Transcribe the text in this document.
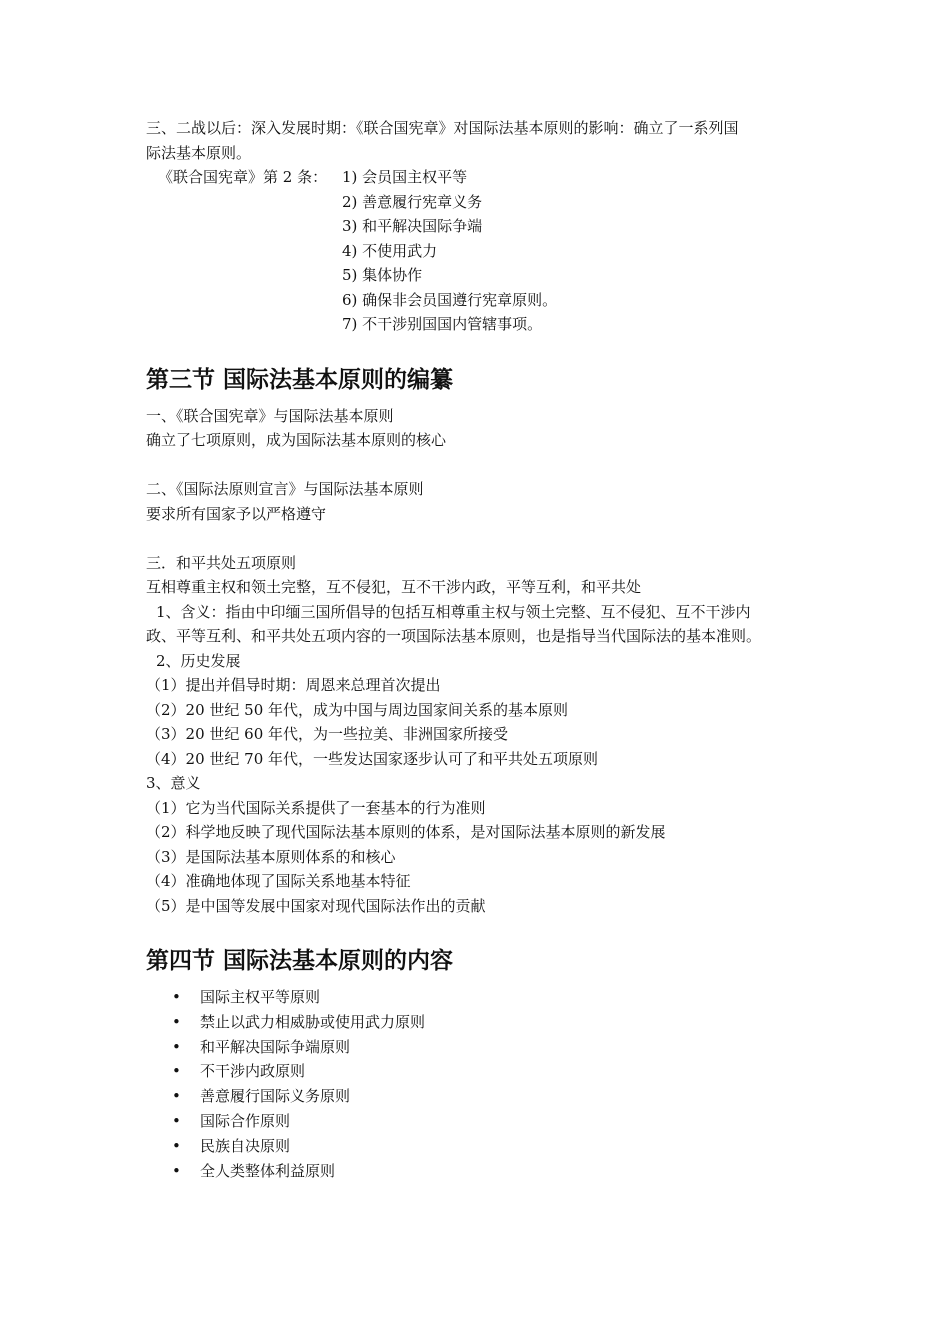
三、二战以后：深入发展时期：《联合国宪章》对国际法基本原则的影响：确立了一系列国

际法基本原则。

《联合国宪章》第 2 条： 1) 会员国主权平等
2) 善意履行宪章义务
3) 和平解决国际争端
4) 不使用武力
5) 集体协作
6) 确保非会员国遵行宪章原则。
7) 不干涉别国国内管辖事项。
第三节 国际法基本原则的编纂

一、《联合国宪章》与国际法基本原则

确立了七项原则，成为国际法基本原则的核心

二、《国际法原则宣言》与国际法基本原则

要求所有国家予以严格遵守

三．和平共处五项原则

互相尊重主权和领土完整，互不侵犯，互不干涉内政，平等互利，和平共处

1、含义：指由中印缅三国所倡导的包括互相尊重主权与领土完整、互不侵犯、互不干涉内

政、平等互利、和平共处五项内容的一项国际法基本原则，也是指导当代国际法的基本准则。

2、历史发展

（1）提出并倡导时期：周恩来总理首次提出

（2）20 世纪 50 年代，成为中国与周边国家间关系的基本原则

（3）20 世纪 60 年代，为一些拉美、非洲国家所接受

（4）20 世纪 70 年代，一些发达国家逐步认可了和平共处五项原则

3、意义

（1）它为当代国际关系提供了一套基本的行为准则

（2）科学地反映了现代国际法基本原则的体系，是对国际法基本原则的新发展

（3）是国际法基本原则体系的和核心

（4）准确地体现了国际关系地基本特征

（5）是中国等发展中国家对现代国际法作出的贡献

第四节 国际法基本原则的内容
•	国际主权平等原则
•	禁止以武力相威胁或使用武力原则
•	和平解决国际争端原则
•	不干涉内政原则
•	善意履行国际义务原则
•	国际合作原则
•	民族自决原则
•	全人类整体利益原则
